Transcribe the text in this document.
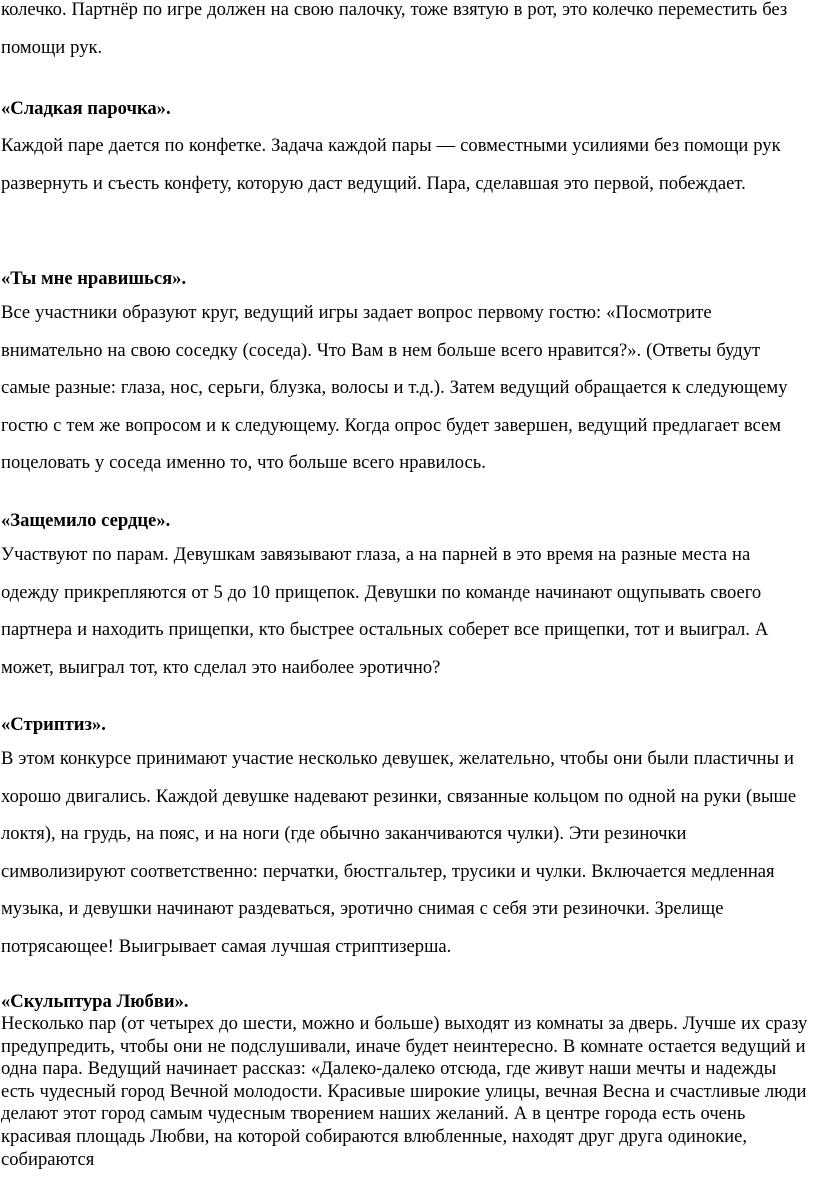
колечко. Партнёр по игре должен на свою палочку, тоже взятую в рот, это колечко переместить без помощи рук.

«Сладкая парочка».

Каждой паре дается по конфетке. Задача каждой пары — совместными усилиями без помощи рук развернуть и съесть конфету, которую даст ведущий. Пара, сделавшая это первой, побеждает.

«Ты мне нравишься».

Все участники образуют круг, ведущий игры задает вопрос первому гостю: «Посмотрите внимательно на свою соседку (соседа). Что Вам в нем больше всего нравится?». (Ответы будут самые разные: глаза, нос, серьги, блузка, волосы и т.д.). Затем ведущий обращается к следующему гостю с тем же вопросом и к следующему. Когда опрос будет завершен, ведущий предлагает всем поцеловать у соседа именно то, что больше всего нравилось.

«Защемило сердце».

Участвуют по парам. Девушкам завязывают глаза, а на парней в это время на разные места на одежду прикрепляются от 5 до 10 прищепок. Девушки по команде начинают ощупывать своего партнера и находить прищепки, кто быстрее остальных соберет все прищепки, тот и выиграл. А может, выиграл тот, кто сделал это наиболее эротично?

«Стриптиз».

В этом конкурсе принимают участие несколько девушек, желательно, чтобы они были пластичны и хорошо двигались. Каждой девушке надевают резинки, связанные кольцом по одной на руки (выше локтя), на грудь, на пояс, и на ноги (где обычно заканчиваются чулки). Эти резиночки символизируют соответственно: перчатки, бюстгальтер, трусики и чулки. Включается медленная музыка, и девушки начинают раздеваться, эротично снимая с себя эти резиночки. Зрелище потрясающее! Выигрывает самая лучшая стриптизерша.

«Скульптура Любви».

Несколько пар (от четырех до шести, можно и больше) выходят из комнаты за дверь. Лучше их сразу предупредить, чтобы они не подслушивали, иначе будет неинтересно. В комнате остается ведущий и одна пара. Ведущий начинает рассказ: «Далеко-далеко отсюда, где живут наши мечты и надежды есть чудесный город Вечной молодости. Красивые широкие улицы, вечная Весна и счастливые люди делают этот город самым чудесным творением наших желаний. А в центре города есть очень красивая площадь Любви, на которой собираются влюбленные, находят друг друга одинокие, собираются
